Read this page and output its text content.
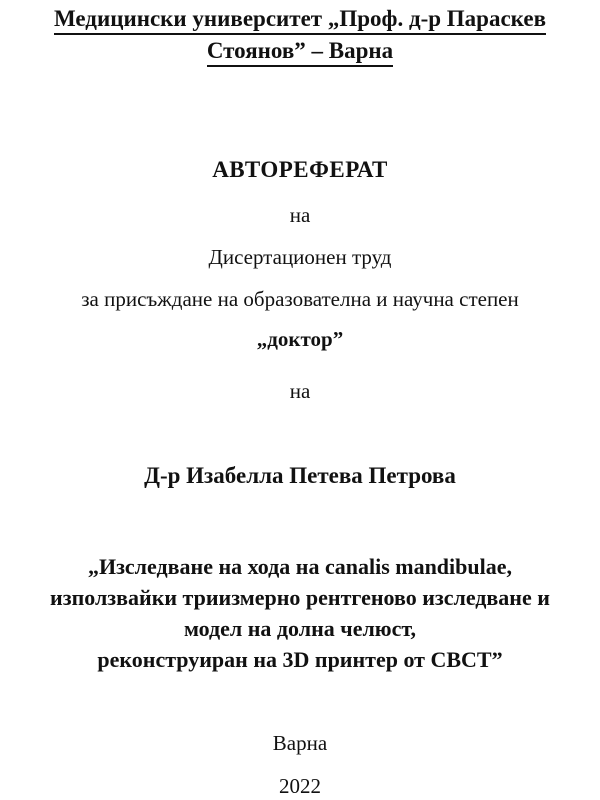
Медицински университет „Проф. д-р Параскев
Стоянов” – Варна
АВТОРЕФЕРАТ
на
Дисертационен труд
за присъждане на образователна и научна степен
„доктор”
на
Д-р Изабелла Петева Петрова
„Изследване на хода на canalis mandibulae,
използвайки триизмерно рентгеново изследване и
модел на долна челюст,
реконструиран на 3D принтер от CBCT”
Варна
2022
